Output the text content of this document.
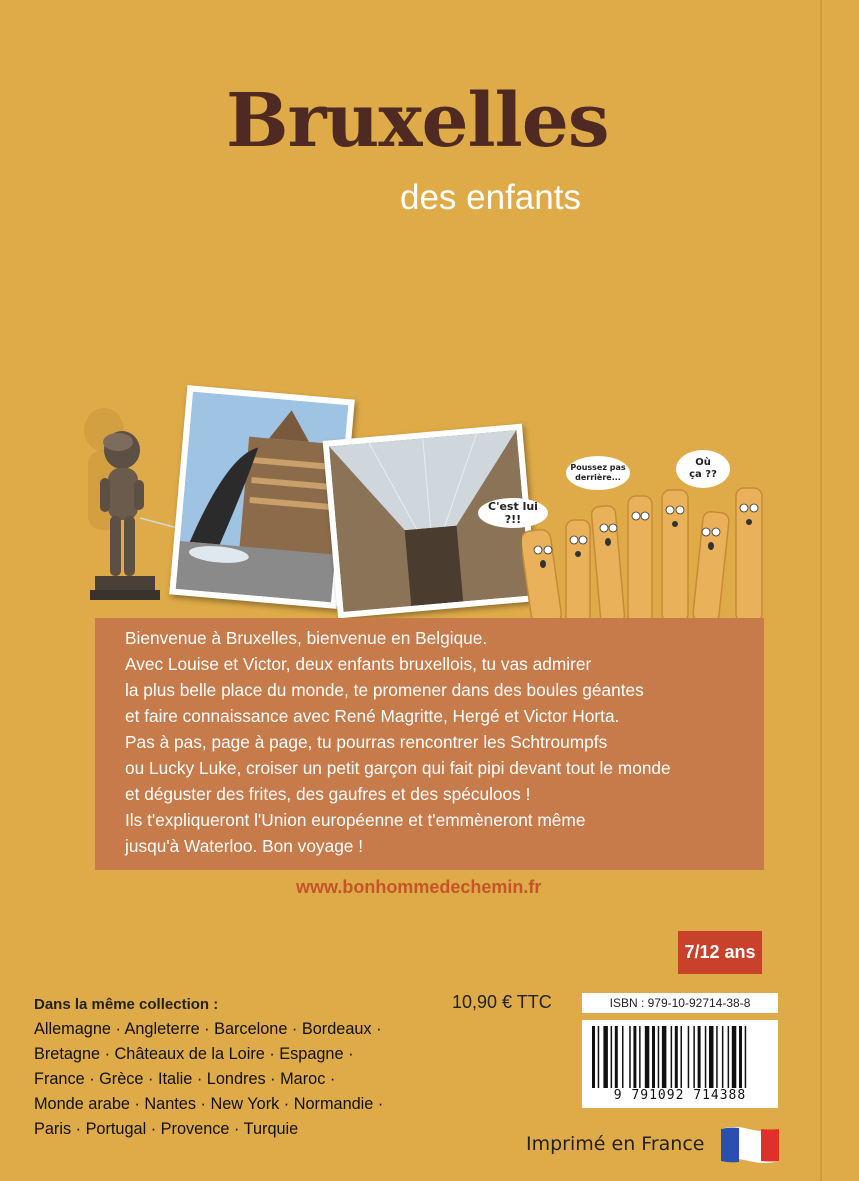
Bruxelles
des enfants
C'est lui ?!!
Poussez pas
derrière...
Où
ça ??
Bienvenue à Bruxelles, bienvenue en Belgique.
Avec Louise et Victor, deux enfants bruxellois, tu vas admirer
la plus belle place du monde, te promener dans des boules géantes
et faire connaissance avec René Magritte, Hergé et Victor Horta.
Pas à pas, page à page, tu pourras rencontrer les Schtroumpfs
ou Lucky Luke, croiser un petit garçon qui fait pipi devant tout le monde
et déguster des frites, des gaufres et des spéculoos !
Ils t'expliqueront l'Union européenne et t'emmèneront même
jusqu'à Waterloo. Bon voyage !
www.bonhommedechemin.fr
7/12 ans
10,90 € TTC	ISBN : 979-10-92714-38-8
9 791092 714388
Imprimé en France
Dans la même collection :
Allemagne · Angleterre · Barcelone · Bordeaux ·
Bretagne · Châteaux de la Loire · Espagne ·
France · Grèce · Italie · Londres · Maroc ·
Monde arabe · Nantes · New York · Normandie ·
Paris · Portugal · Provence · Turquie
